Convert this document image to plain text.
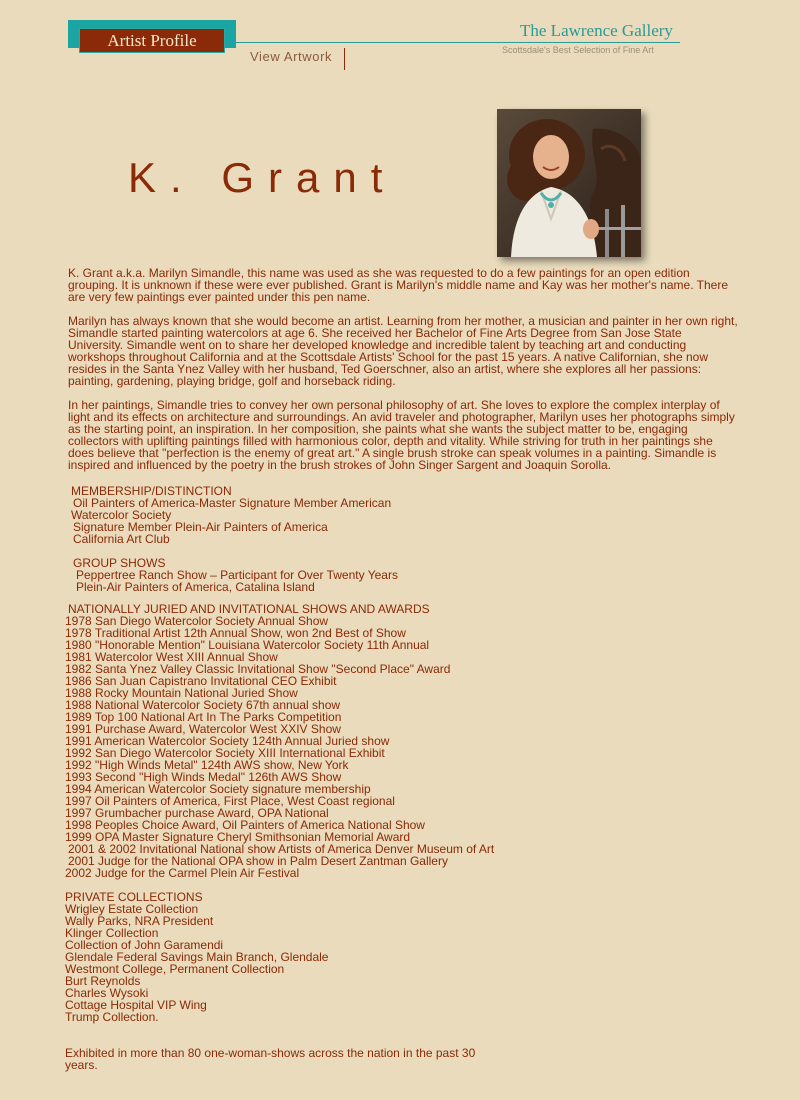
Artist Profile
View Artwork
The Lawrence Gallery
Scottsdale's Best Selection of Fine Art
K. Grant

K. Grant a.k.a. Marilyn Simandle, this name was used as she was requested to do a few paintings for an open edition grouping. It is unknown if these were ever published. Grant is Marilyn's middle name and Kay was her mother's name. There are very few paintings ever painted under this pen name.

Marilyn has always known that she would become an artist. Learning from her mother, a musician and painter in her own right, Simandle started painting watercolors at age 6. She received her Bachelor of Fine Arts Degree from San Jose State University. Simandle went on to share her developed knowledge and incredible talent by teaching art and conducting workshops throughout California and at the Scottsdale Artists' School for the past 15 years. A native Californian, she now resides in the Santa Ynez Valley with her husband, Ted Goerschner, also an artist, where she explores all her passions: painting, gardening, playing bridge, golf and horseback riding.

In her paintings, Simandle tries to convey her own personal philosophy of art. She loves to explore the complex interplay of light and its effects on architecture and surroundings. An avid traveler and photographer, Marilyn uses her photographs simply as the starting point, an inspiration. In her composition, she paints what she wants the subject matter to be, engaging collectors with uplifting paintings filled with harmonious color, depth and vitality. While striving for truth in her paintings she does believe that "perfection is the enemy of great art." A single brush stroke can speak volumes in a painting. Simandle is inspired and influenced by the poetry in the brush strokes of John Singer Sargent and Joaquin Sorolla.

MEMBERSHIP/DISTINCTION
Oil Painters of America-Master Signature Member American
Watercolor Society
Signature Member Plein-Air Painters of America
California Art Club
GROUP SHOWS
Peppertree Ranch Show – Participant for Over Twenty Years
Plein-Air Painters of America, Catalina Island
NATIONALLY JURIED AND INVITATIONAL SHOWS AND AWARDS
1978 San Diego Watercolor Society Annual Show
1978 Traditional Artist 12th Annual Show, won 2nd Best of Show
1980 "Honorable Mention" Louisiana Watercolor Society 11th Annual
1981 Watercolor West XIII Annual Show
1982 Santa Ynez Valley Classic Invitational Show "Second Place" Award
1986 San Juan Capistrano Invitational CEO Exhibit
1988 Rocky Mountain National Juried Show
1988 National Watercolor Society 67th annual show
1989 Top 100 National Art In The Parks Competition
1991 Purchase Award, Watercolor West XXIV Show
1991 American Watercolor Society 124th Annual Juried show
1992 San Diego Watercolor Society XIII International Exhibit
1992 "High Winds Metal" 124th AWS show, New York
1993 Second "High Winds Medal" 126th AWS Show
1994 American Watercolor Society signature membership
1997 Oil Painters of America, First Place, West Coast regional
1997 Grumbacher purchase Award, OPA National
1998 Peoples Choice Award, Oil Painters of America National Show
1999 OPA Master Signature Cheryl Smithsonian Memorial Award
2001 & 2002 Invitational National show Artists of America Denver Museum of Art
2001 Judge for the National OPA show in Palm Desert Zantman Gallery
2002 Judge for the Carmel Plein Air Festival
PRIVATE COLLECTIONS
Wrigley Estate Collection
Wally Parks, NRA President
Klinger Collection
Collection of John Garamendi
Glendale Federal Savings Main Branch, Glendale
Westmont College, Permanent Collection
Burt Reynolds
Charles Wysoki
Cottage Hospital VIP Wing
Trump Collection.
Exhibited in more than 80 one-woman-shows across the nation in the past 30
years.
